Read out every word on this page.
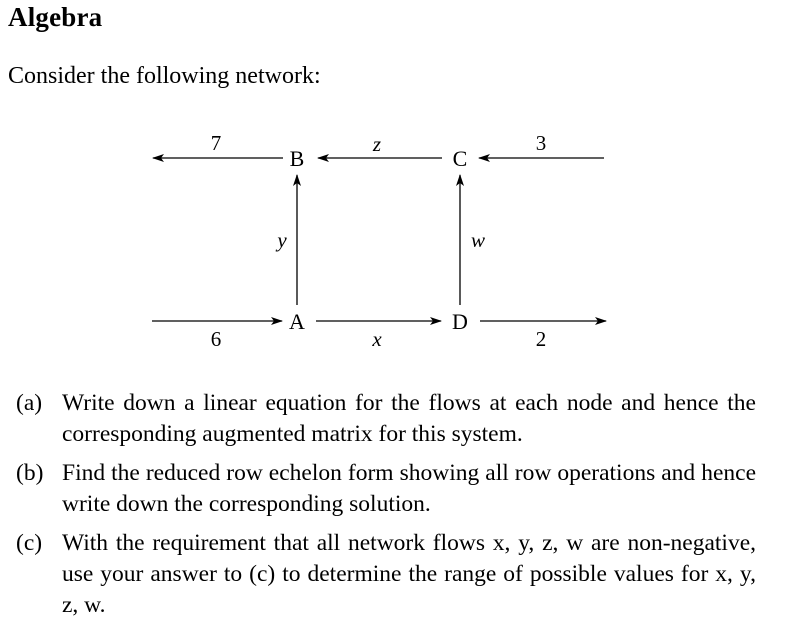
Algebra
Consider the following network:
B	C
A	D
7	z	3
y	w
6	x	2
(a) Write down a linear equation for the flows at each node and hence the corresponding augmented matrix for this system.
(b) Find the reduced row echelon form showing all row operations and hence write down the corresponding solution.
(c) With the requirement that all network flows x, y, z, w are non-negative, use your answer to (c) to determine the range of possible values for x, y, z, w.
